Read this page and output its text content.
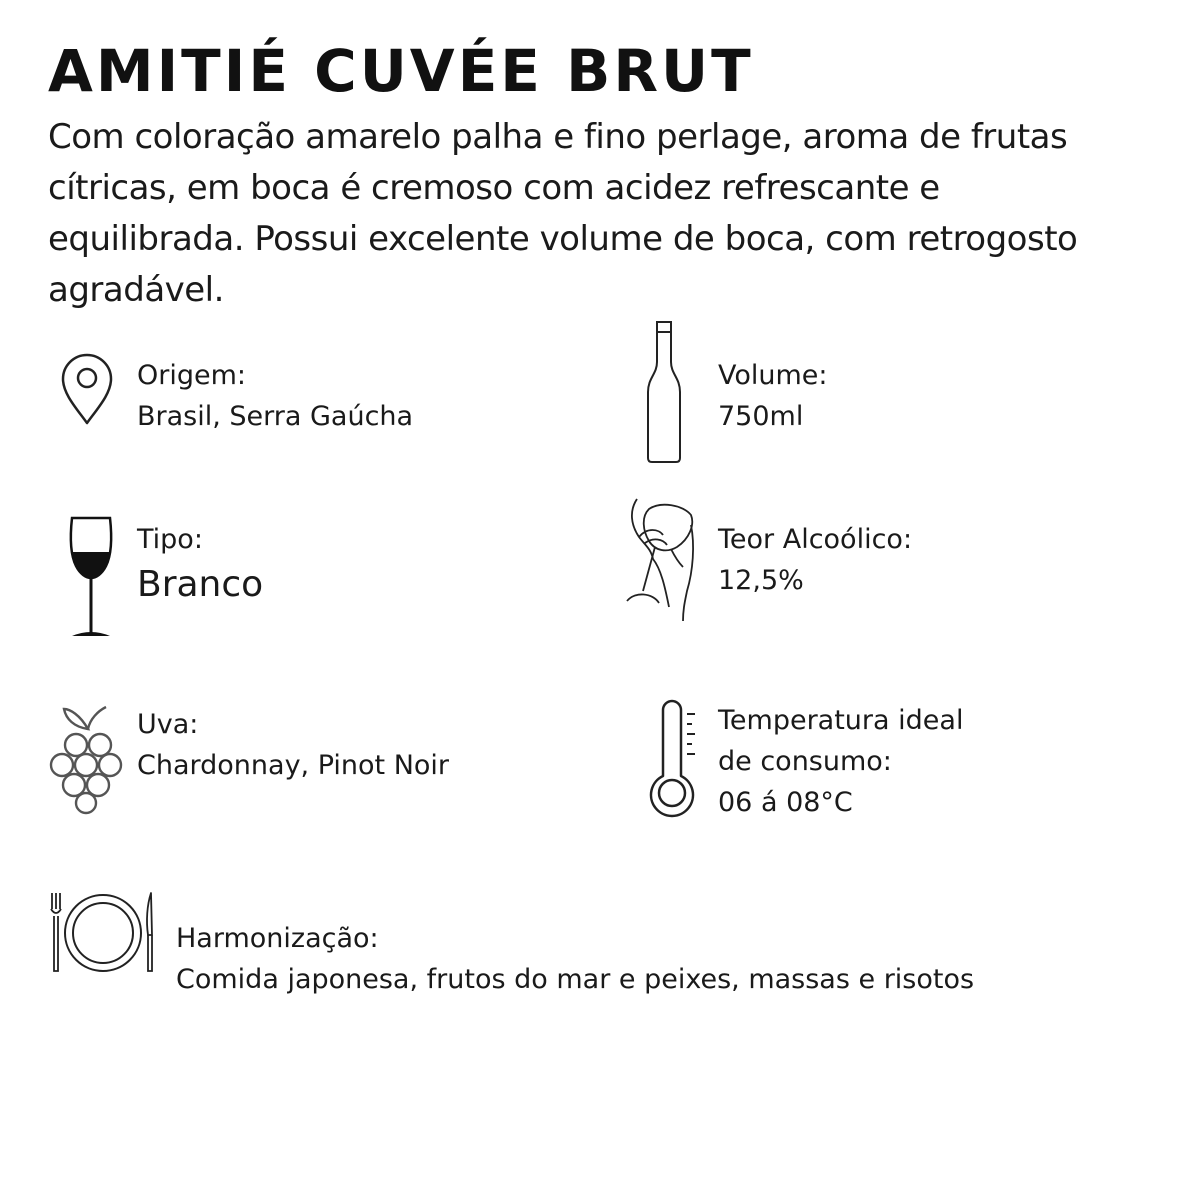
AMITIÉ CUVÉE BRUT

Com coloração amarelo palha e fino perlage, aroma de frutas cítricas, em boca é cremoso com acidez refrescante e equilibrada. Possui excelente volume de boca, com retrogosto agradável.

Origem:
Brasil, Serra Gaúcha
Volume:
750ml
Tipo:
Branco
Teor Alcoólico:
12,5%
Uva:
Chardonnay, Pinot Noir
Temperatura ideal
de consumo:
06 á 08°C
Harmonização:
Comida japonesa, frutos do mar e peixes, massas e risotos
